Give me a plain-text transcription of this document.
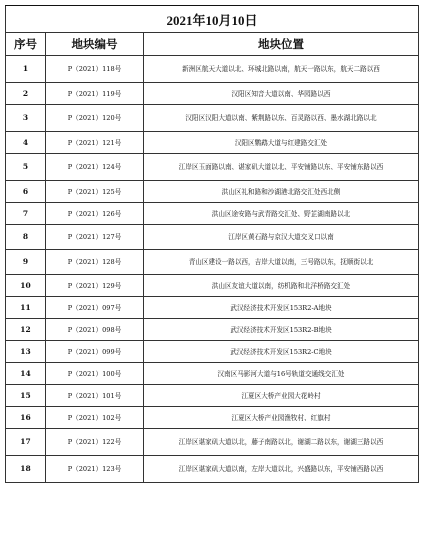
2021年10月10日		
序号	地块编号	地块位置
1	P（2021）118号	新洲区航天大道以北、环城北路以南，航天一路以东，航天二路以西
2	P（2021）119号	汉阳区知音大道以南、华园路以西
3	P（2021）120号	汉阳区汉阳大道以南、紫荆路以东、百灵路以西、墨水湖北路以北
4	P（2021）121号	汉阳区鹦鹉大道与红建路交汇处
5	P（2021）124号	江岸区玉面路以南、谌家矶大道以北、平安铺路以东、平安铺东路以西
6	P（2021）125号	洪山区礼和路和沙湖港北路交汇处西北侧
7	P（2021）126号	洪山区途安路与武青路交汇处、野芷湖南路以北
8	P（2021）127号	江岸区黄石路与京汉大道交叉口以南
9	P（2021）128号	青山区建设一路以西，吉岸大道以南，三号路以东，抚顺街以北
10	P（2021）129号	洪山区友谊大道以南，纺机路和北洋桥路交汇处
11	P（2021）097号	武汉经济技术开发区153R2-A地块
12	P（2021）098号	武汉经济技术开发区153R2-B地块
13	P（2021）099号	武汉经济技术开发区153R2-C地块
14	P（2021）100号	汉南区马影河大道与16号轨道交通线交汇处
15	P（2021）101号	江夏区大桥产业园大花岭村
16	P（2021）102号	江夏区大桥产业园渔牧村、红旗村
17	P（2021）122号	江岸区谌家矶大道以北，藤子南路以北，谢湖二路以东，谢湖三路以西
18	P（2021）123号	江岸区谌家矶大道以南，左岸大道以北，兴盛路以东，平安铺西路以西
